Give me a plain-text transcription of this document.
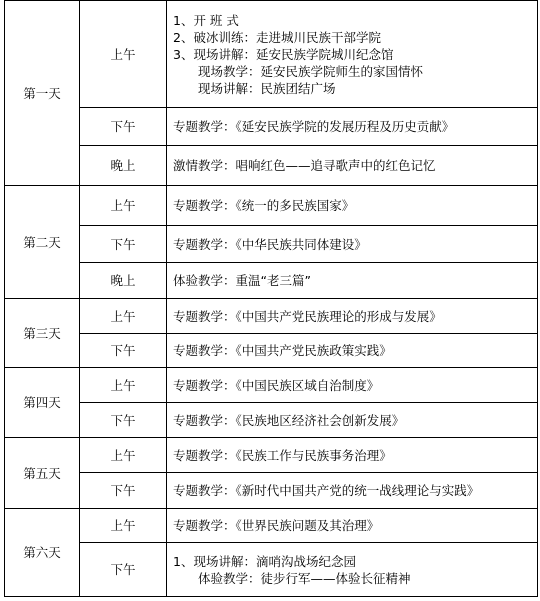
第一天	上午	1、开 班 式
2、破冰训练：走进城川民族干部学院
3、现场讲解：延安民族学院城川纪念馆
现场教学：延安民族学院师生的家国情怀
现场讲解：民族团结广场

	下午	专题教学：《延安民族学院的发展历程及历史贡献》

	晚上	激情教学：唱响红色——追寻歌声中的红色记忆

第二天	上午	专题教学：《统一的多民族国家》

	下午	专题教学：《中华民族共同体建设》

	晚上	体验教学：重温“老三篇”

第三天	上午	专题教学：《中国共产党民族理论的形成与发展》

	下午	专题教学：《中国共产党民族政策实践》

第四天	上午	专题教学：《中国民族区域自治制度》

	下午	专题教学：《民族地区经济社会创新发展》

第五天	上午	专题教学：《民族工作与民族事务治理》

	下午	专题教学：《新时代中国共产党的统一战线理论与实践》

第六天	上午	专题教学：《世界民族问题及其治理》

	下午	1、现场讲解：滴哨沟战场纪念园
体验教学：徒步行军——体验长征精神
